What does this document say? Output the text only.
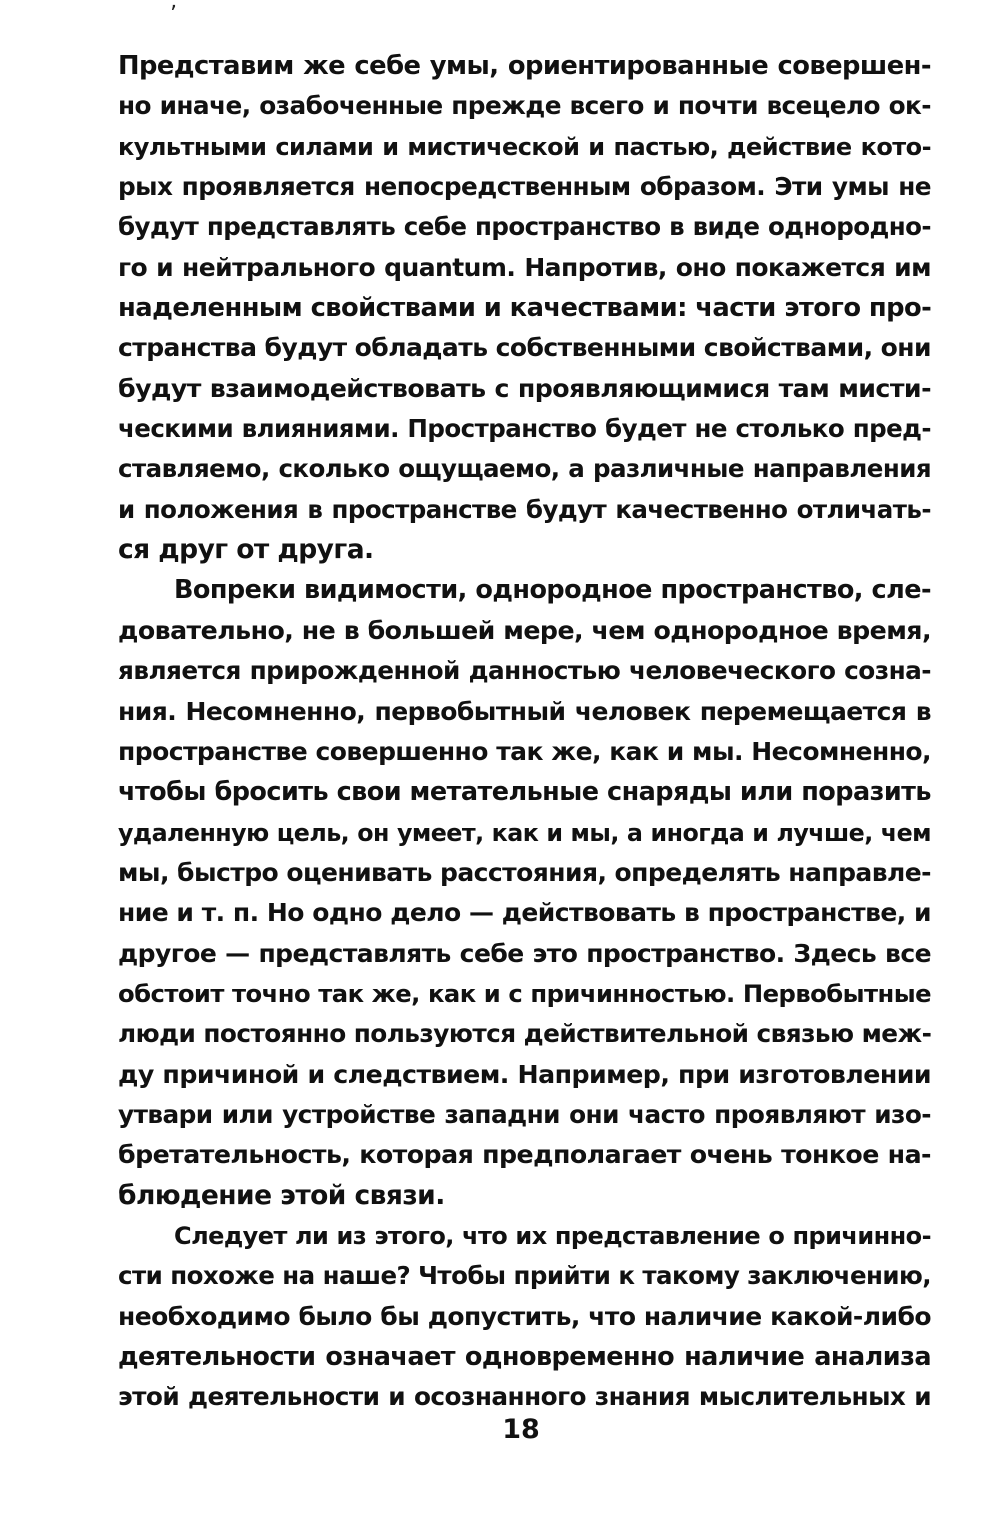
ʼ
Представим же себе умы, ориентированные совершен-
но иначе, озабоченные прежде всего и почти всецело ок-
культными силами и мистической и пастью, действие кото-
рых проявляется непосредственным образом. Эти умы не
будут представлять себе пространство в виде однородно-
го и нейтрального quantum. Напротив, оно покажется им
наделенным свойствами и качествами: части этого про-
странства будут обладать собственными свойствами, они
будут взаимодействовать с проявляющимися там мисти-
ческими влияниями. Пространство будет не столько пред-
ставляемо, сколько ощущаемо, а различные направления
и положения в пространстве будут качественно отличать-
ся друг от друга.
Вопреки видимости, однородное пространство, сле-
довательно, не в большей мере, чем однородное время,
является прирожденной данностью человеческого созна-
ния. Несомненно, первобытный человек перемещается в
пространстве совершенно так же, как и мы. Несомненно,
чтобы бросить свои метательные снаряды или поразить
удаленную цель, он умеет, как и мы, а иногда и лучше, чем
мы, быстро оценивать расстояния, определять направле-
ние и т. п. Но одно дело — действовать в пространстве, и
другое — представлять себе это пространство. Здесь все
обстоит точно так же, как и с причинностью. Первобытные
люди постоянно пользуются действительной связью меж-
ду причиной и следствием. Например, при изготовлении
утвари или устройстве западни они часто проявляют изо-
бретательность, которая предполагает очень тонкое на-
блюдение этой связи.
Следует ли из этого, что их представление о причинно-
сти похоже на наше? Чтобы прийти к такому заключению,
необходимо было бы допустить, что наличие какой-либо
деятельности означает одновременно наличие анализа
этой деятельности и осознанного знания мыслительных и
18
